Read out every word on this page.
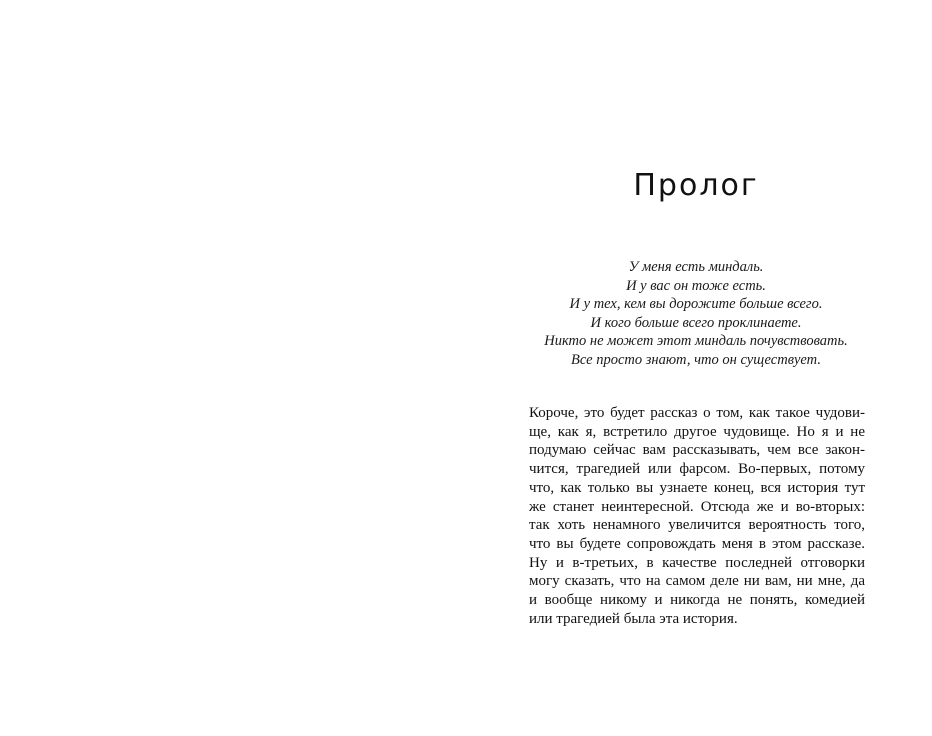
Пролог
У меня есть миндаль.
И у вас он тоже есть.
И у тех, кем вы дорожите больше всего.
И кого больше всего проклинаете.
Никто не может этот миндаль почувствовать.
Все просто знают, что он существует.
Короче, это будет рассказ о том, как такое чудови-
ще, как я, встретило другое чудовище. Но я и не
подумаю сейчас вам рассказывать, чем все закон-
чится, трагедией или фарсом. Во-первых, потому
что, как только вы узнаете конец, вся история тут
же станет неинтересной. Отсюда же и во-вторых:
так хоть ненамного увеличится вероятность того,
что вы будете сопровождать меня в этом рассказе.
Ну и в-третьих, в качестве последней отговорки
могу сказать, что на самом деле ни вам, ни мне, да
и вообще никому и никогда не понять, комедией
или трагедией была эта история.
